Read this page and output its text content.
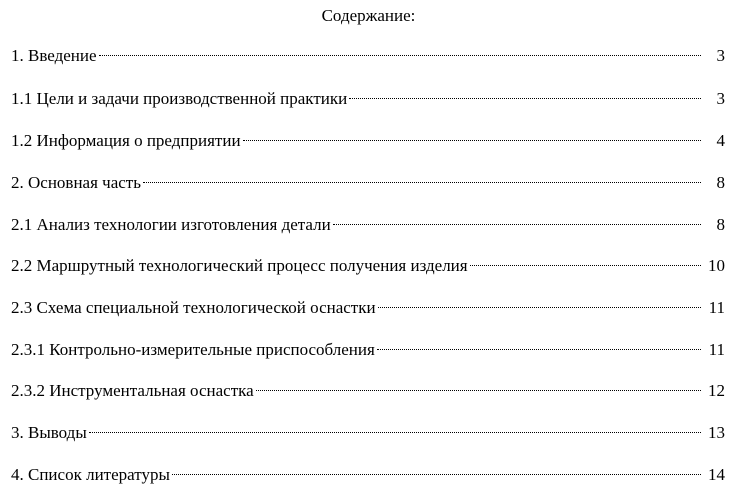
Содержание:
1. Введение	3
1.1 Цели и задачи производственной практики	3
1.2 Информация о предприятии	4
2. Основная часть	8
2.1 Анализ технологии изготовления детали	8
2.2 Маршрутный технологический процесс получения изделия	10
2.3 Схема специальной технологической оснастки	11
2.3.1 Контрольно-измерительные приспособления	11
2.3.2 Инструментальная оснастка	12
3. Выводы	13
4. Список литературы	14
